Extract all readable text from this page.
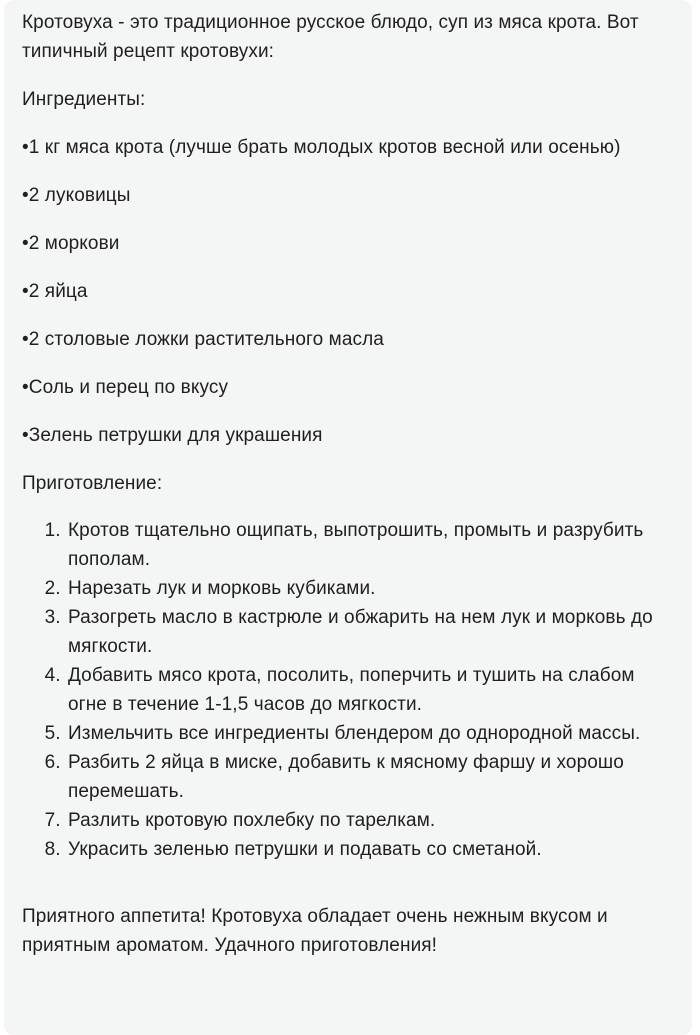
Кротовуха - это традиционное русское блюдо, суп из мяса крота. Вот типичный рецепт кротовухи:

Ингредиенты:

•1 кг мяса крота (лучше брать молодых кротов весной или осенью)

•2 луковицы

•2 моркови

•2 яйца

•2 столовые ложки растительного масла

•Соль и перец по вкусу

•Зелень петрушки для украшения

Приготовление:

1. Кротов тщательно ощипать, выпотрошить, промыть и разрубить пополам.
2. Нарезать лук и морковь кубиками.
3. Разогреть масло в кастрюле и обжарить на нем лук и морковь до мягкости.
4. Добавить мясо крота, посолить, поперчить и тушить на слабом огне в течение 1-1,5 часов до мягкости.
5. Измельчить все ингредиенты блендером до однородной массы.
6. Разбить 2 яйца в миске, добавить к мясному фаршу и хорошо перемешать.
7. Разлить кротовую похлебку по тарелкам.
8. Украсить зеленью петрушки и подавать со сметаной.

Приятного аппетита! Кротовуха обладает очень нежным вкусом и приятным ароматом. Удачного приготовления!
